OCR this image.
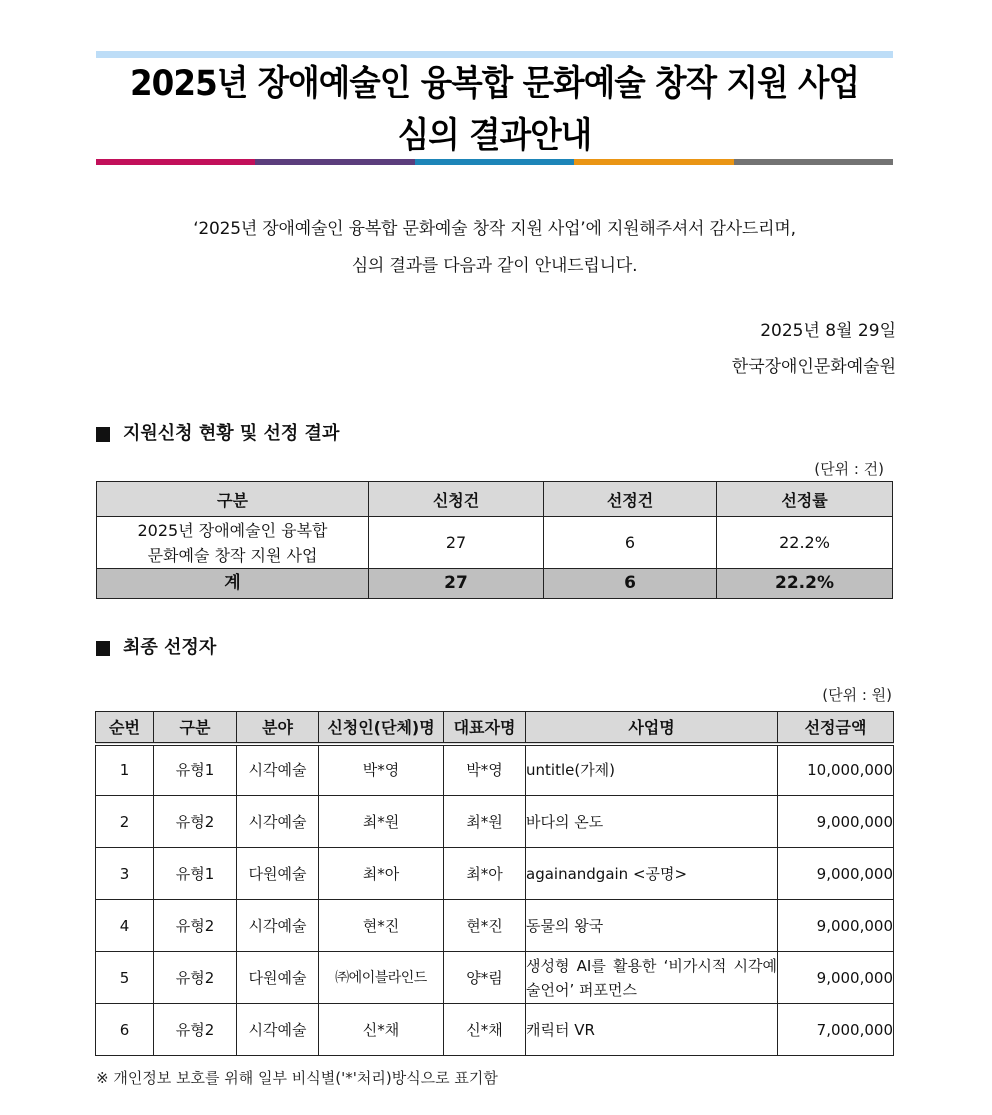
2025년 장애예술인 융복합 문화예술 창작 지원 사업
심의 결과안내
‘2025년 장애예술인 융복합 문화예술 창작 지원 사업’에 지원해주셔서 감사드리며,
심의 결과를 다음과 같이 안내드립니다.
2025년 8월 29일
한국장애인문화예술원
지원신청 현황 및 선정 결과
(단위 : 건)
구분	신청건	선정건	선정률

2025년 장애예술인 융복합
문화예술 창작 지원 사업	27	6	22.2%
계	27	6	22.2%
최종 선정자
(단위 : 원)
순번	구분	분야	신청인(단체)명	대표자명	사업명	선정금액
1	유형1	시각예술	박*영	박*영	untitle(가제)	10,000,000
2	유형2	시각예술	최*원	최*원	바다의 온도	9,000,000
3	유형1	다원예술	최*아	최*아	againandgain <공명>	9,000,000
4	유형2	시각예술	현*진	현*진	동물의 왕국	9,000,000
5	유형2	다원예술	㈜에이블라인드	양*림	생성형 AI를 활용한 ‘비가시적 시각예술언어’ 퍼포먼스	9,000,000
6	유형2	시각예술	신*채	신*채	캐릭터 VR	7,000,000
※ 개인정보 보호를 위해 일부 비식별('*'처리)방식으로 표기함
